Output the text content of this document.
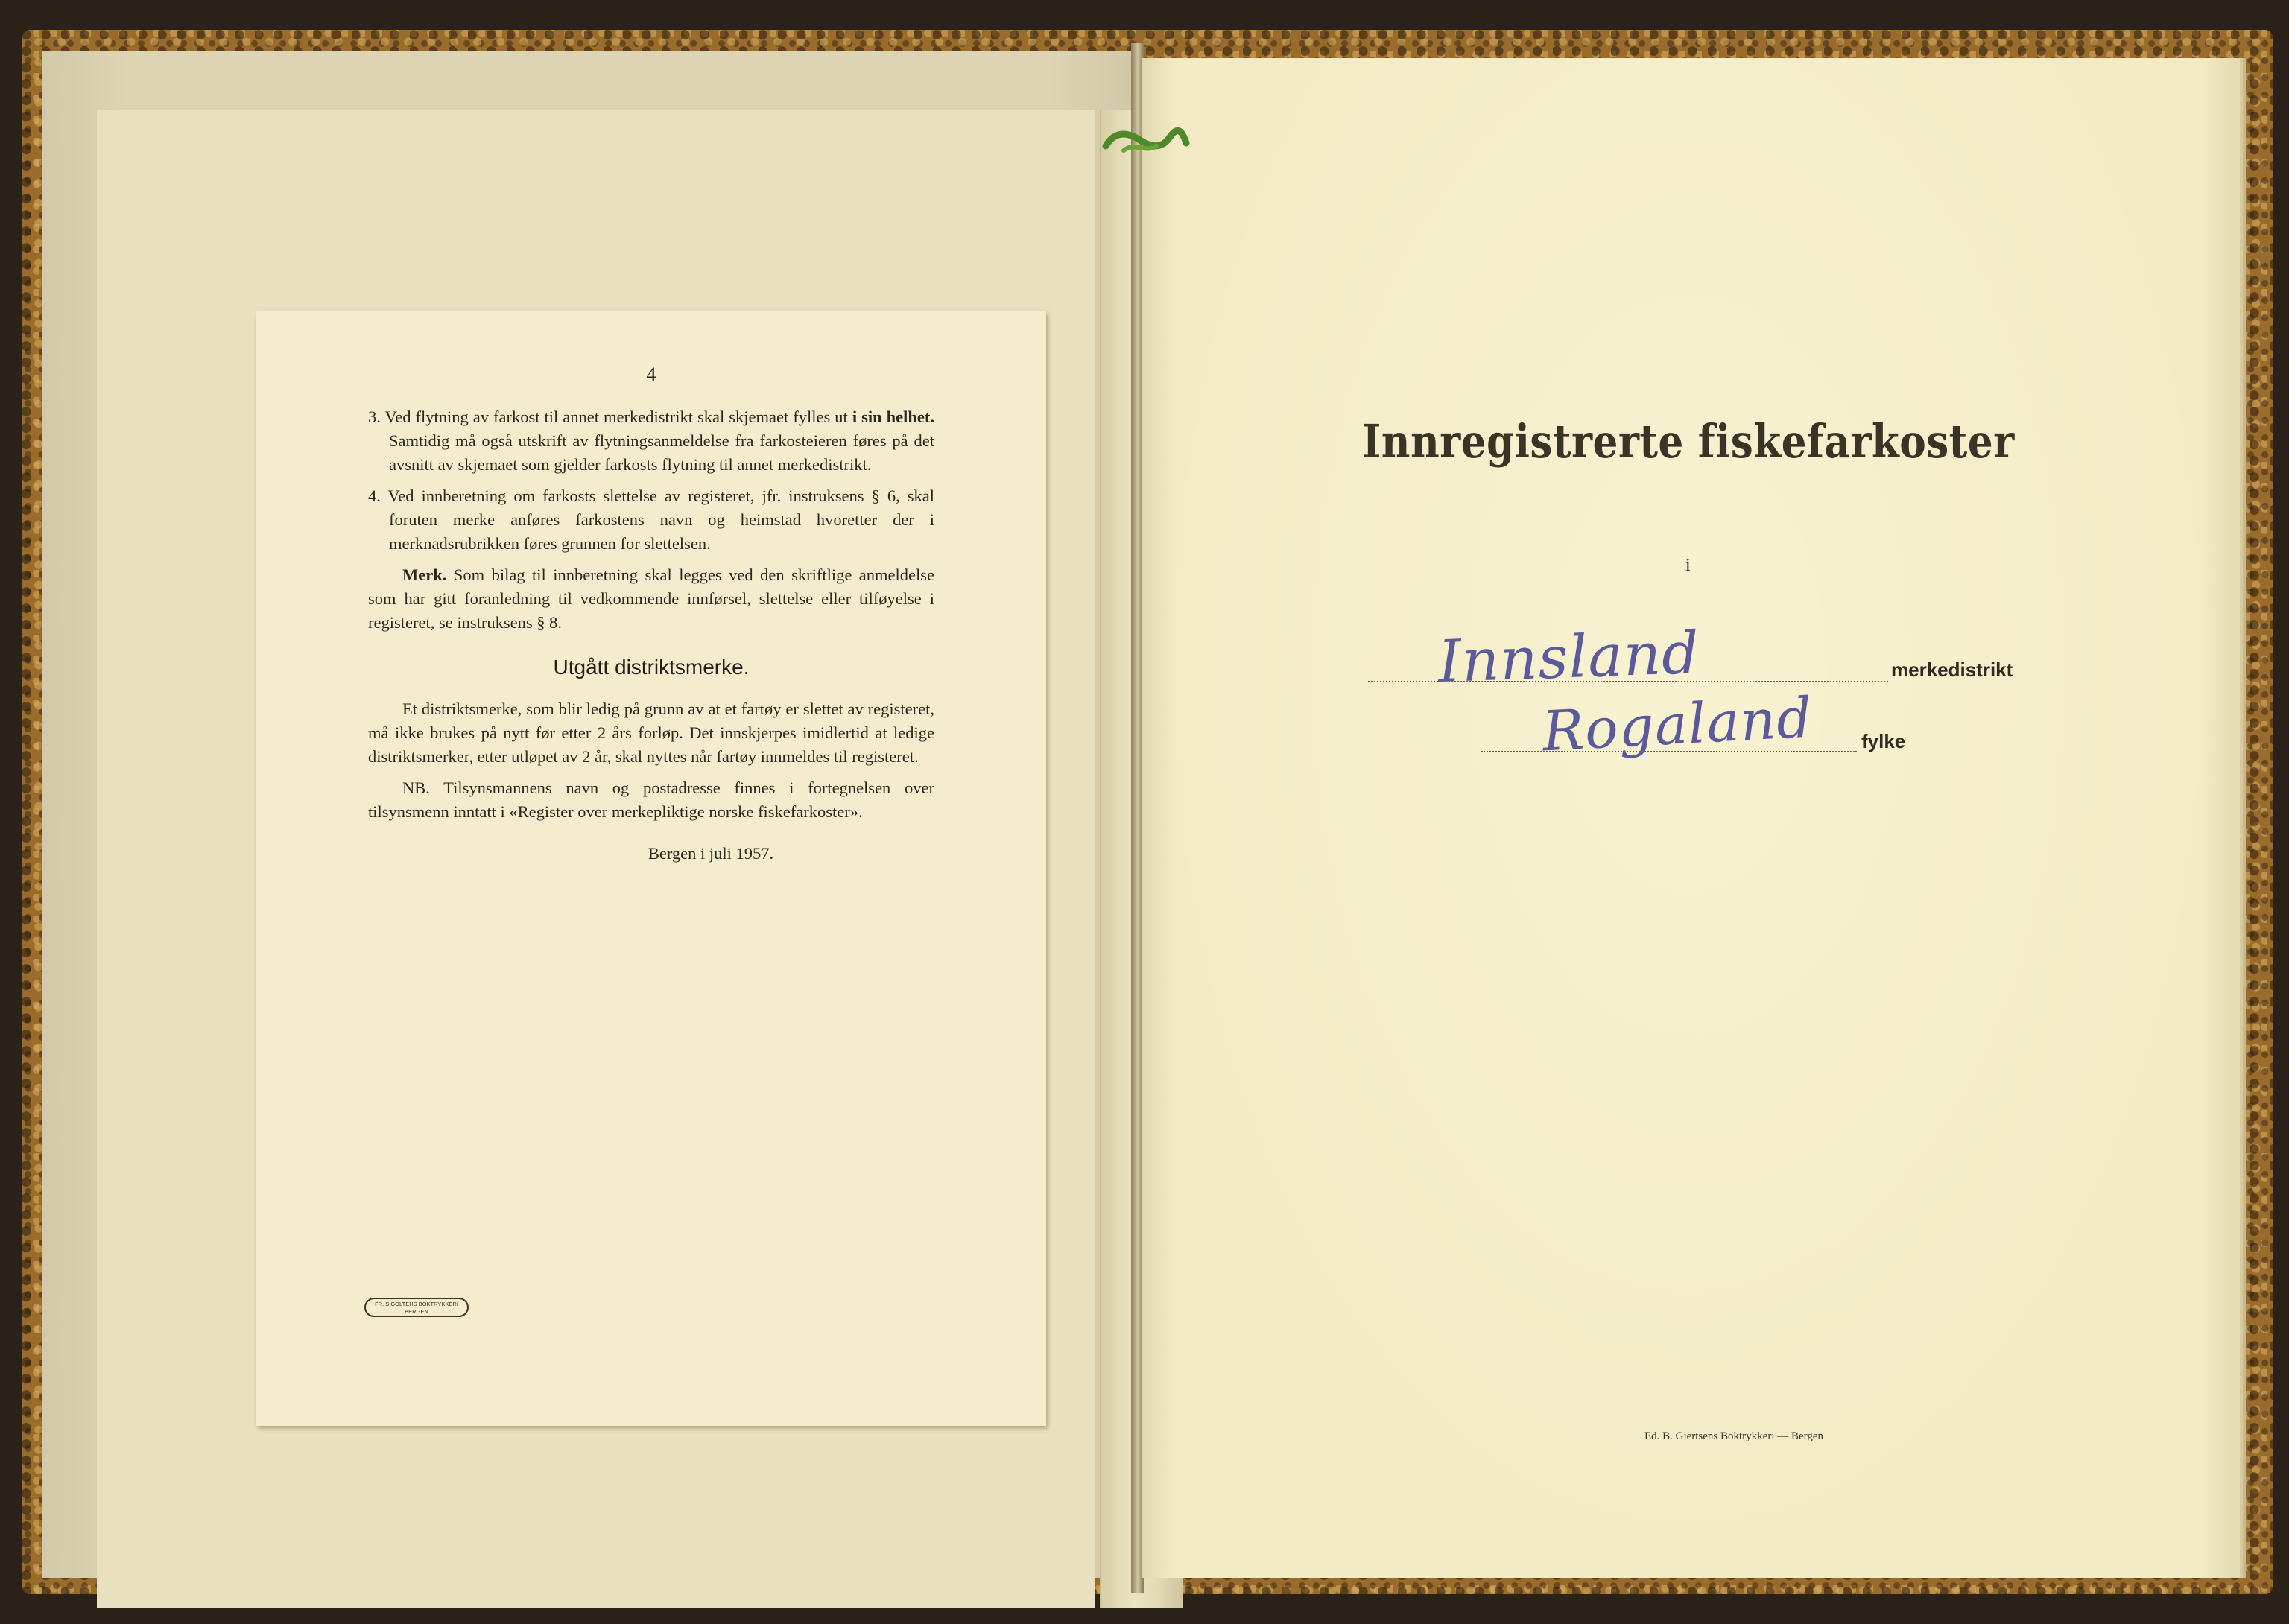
4

3. Ved flytning av farkost til annet merkedistrikt skal skjemaet fylles ut i sin helhet. Samtidig må også utskrift av flytningsanmeldelse fra farkosteieren føres på det avsnitt av skjemaet som gjelder farkosts flytning til annet merkedistrikt.

4. Ved innberetning om farkosts slettelse av registeret, jfr. instruksens § 6, skal foruten merke anføres farkostens navn og heimstad hvoretter der i merknadsrubrikken føres grunnen for slettelsen.

Merk. Som bilag til innberetning skal legges ved den skriftlige anmeldelse som har gitt foranledning til vedkommende innførsel, slettelse eller tilføyelse i registeret, se instruksens § 8.

Utgått distriktsmerke.

Et distriktsmerke, som blir ledig på grunn av at et fartøy er slettet av registeret, må ikke brukes på nytt før etter 2 års forløp. Det innskjerpes imidlertid at ledige distriktsmerker, etter utløpet av 2 år, skal nyttes når fartøy innmeldes til registeret.

NB. Tilsynsmannens navn og postadresse finnes i fortegnelsen over tilsynsmenn inntatt i «Register over merkepliktige norske fiskefarkoster».

Bergen i juli 1957.

FR. SIGOLTEHS BOKTRYKKERI BERGEN
Innregistrerte fiskefarkoster
i
Innsland	merkedistrikt
Rogaland fylke
Ed. B. Giertsens Boktrykkeri — Bergen
